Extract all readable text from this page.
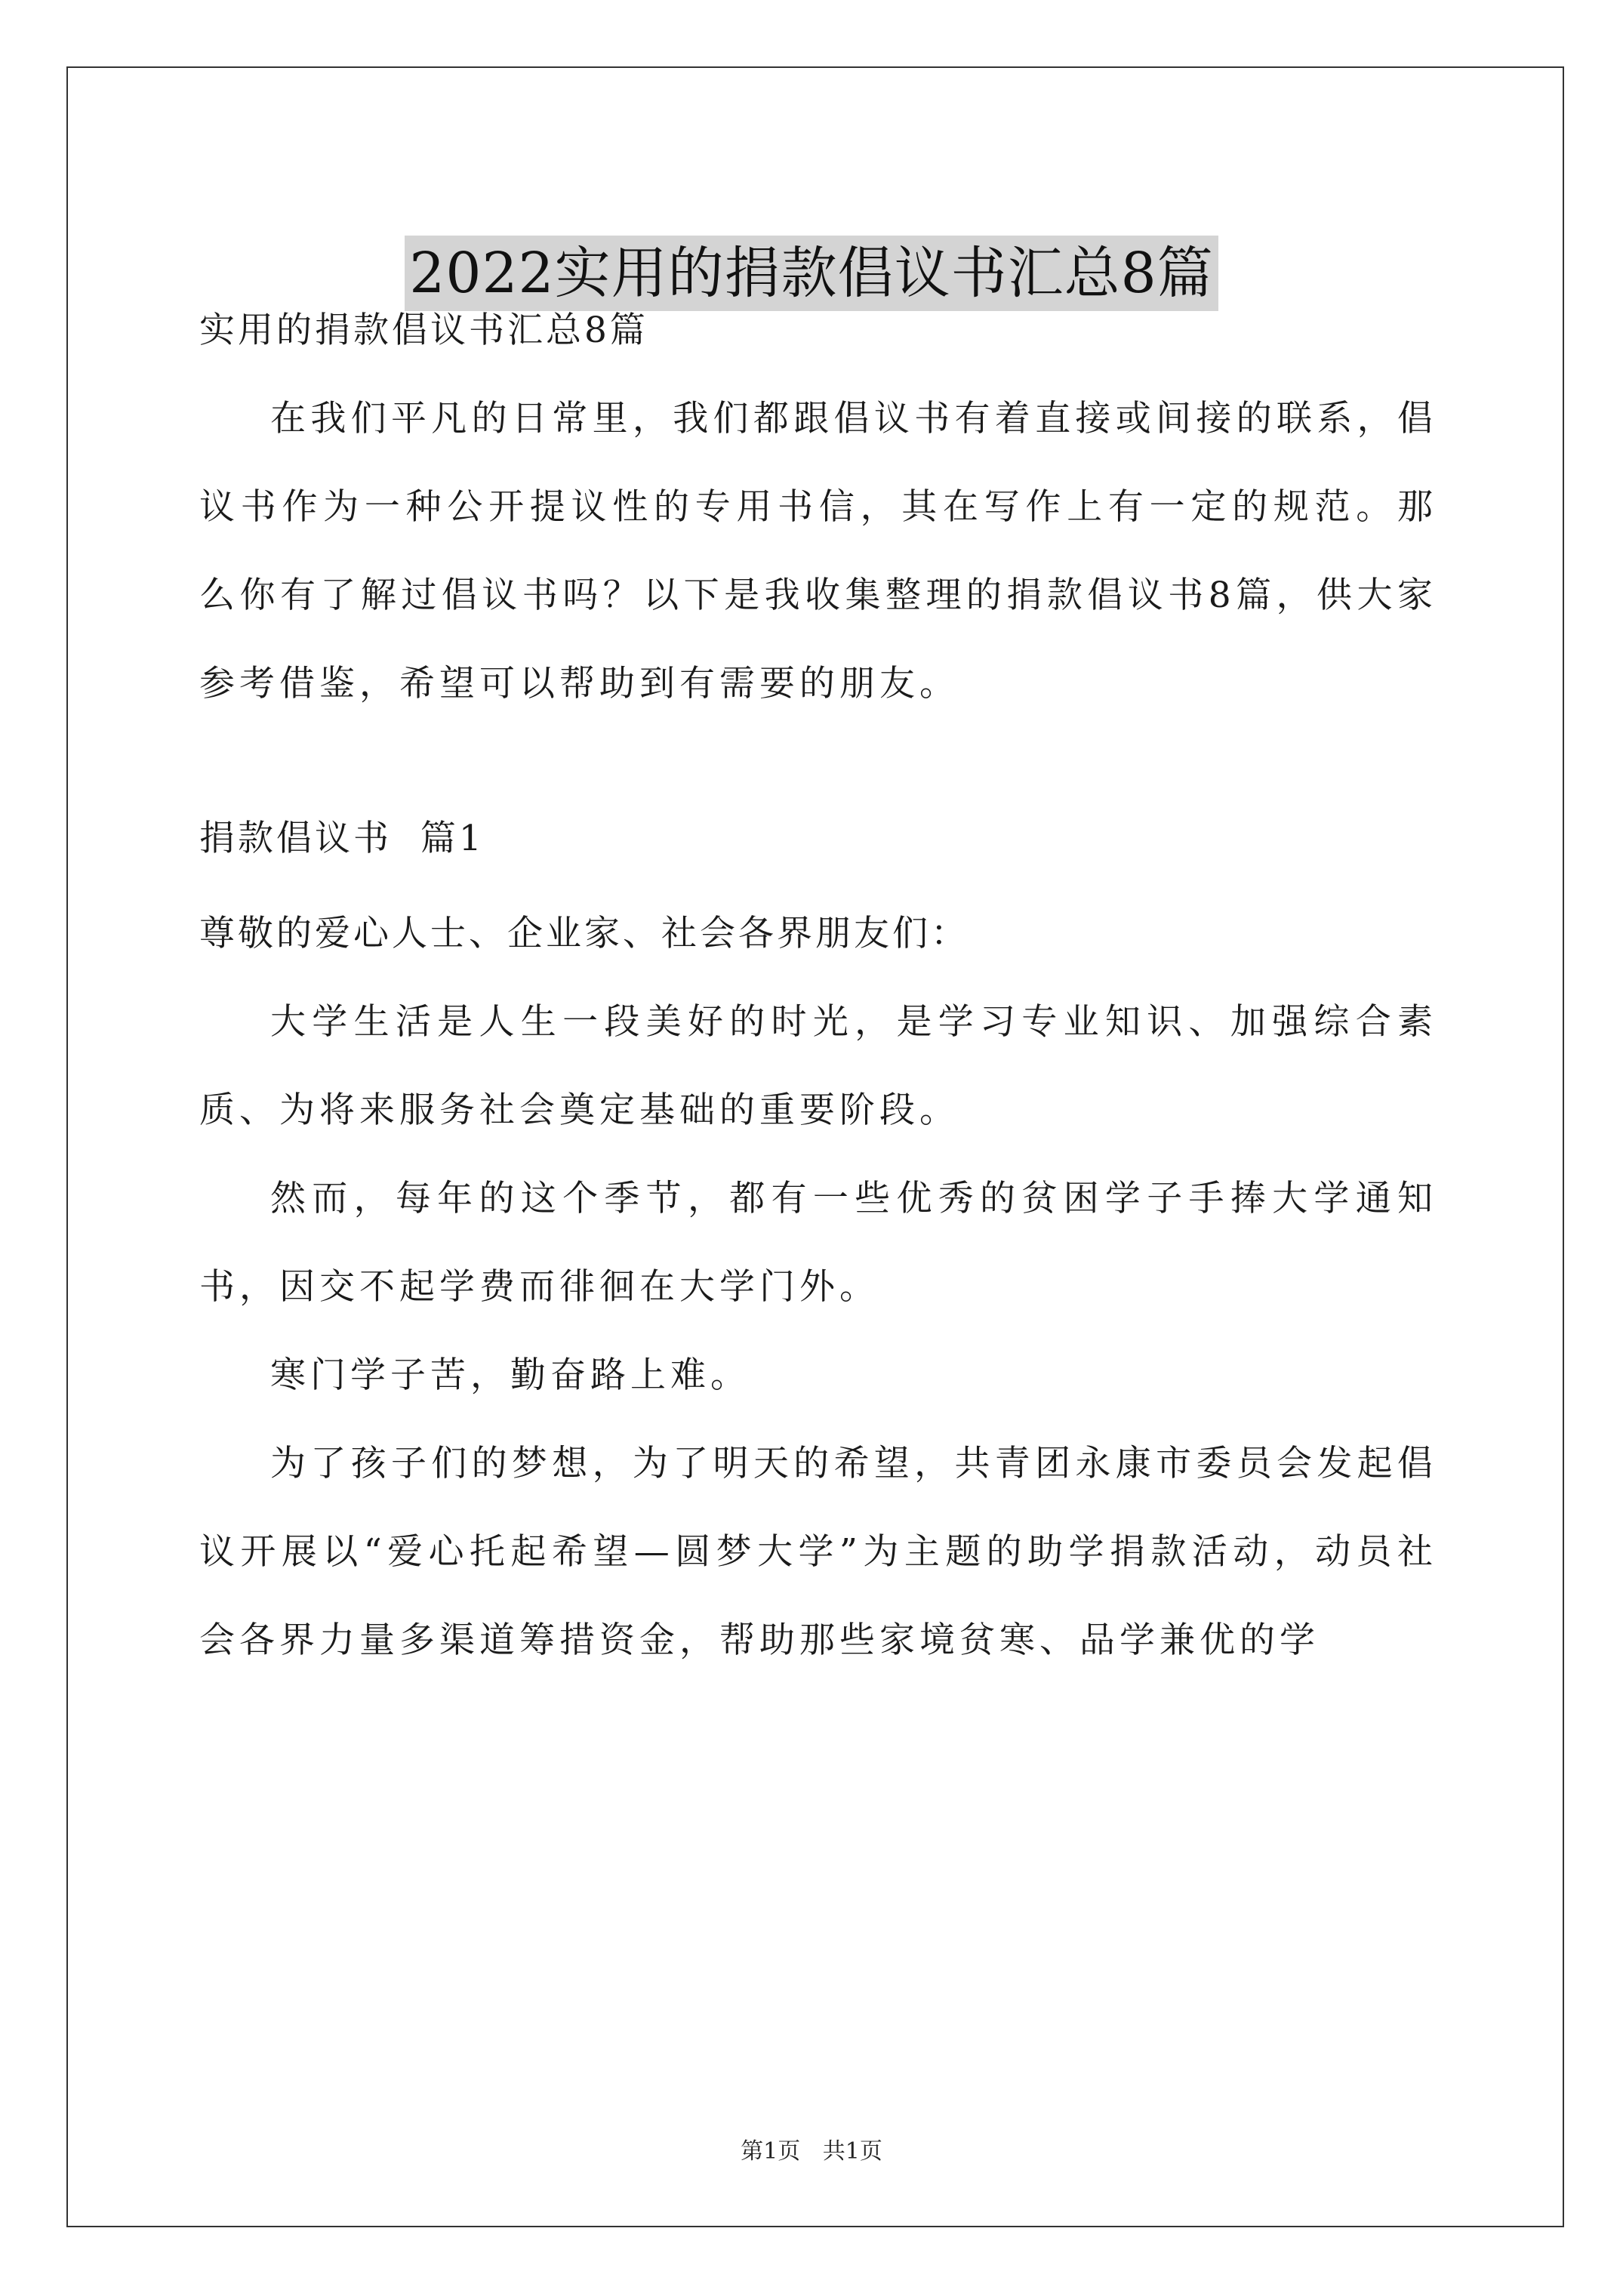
2022实用的捐款倡议书汇总8篇
实用的捐款倡议书汇总8篇

在我们平凡的日常里，我们都跟倡议书有着直接或间接的联系，倡议书作为一种公开提议性的专用书信，其在写作上有一定的规范。那么你有了解过倡议书吗？以下是我收集整理的捐款倡议书8篇，供大家参考借鉴，希望可以帮助到有需要的朋友。

捐款倡议书  篇1
尊敬的爱心人士、企业家、社会各界朋友们：

大学生活是人生一段美好的时光，是学习专业知识、加强综合素质、为将来服务社会奠定基础的重要阶段。

然而，每年的这个季节，都有一些优秀的贫困学子手捧大学通知书，因交不起学费而徘徊在大学门外。

寒门学子苦，勤奋路上难。

为了孩子们的梦想，为了明天的希望，共青团永康市委员会发起倡议开展以“爱心托起希望—圆梦大学”为主题的助学捐款活动，动员社会各界力量多渠道筹措资金，帮助那些家境贫寒、品学兼优的学

第1页 共1页
